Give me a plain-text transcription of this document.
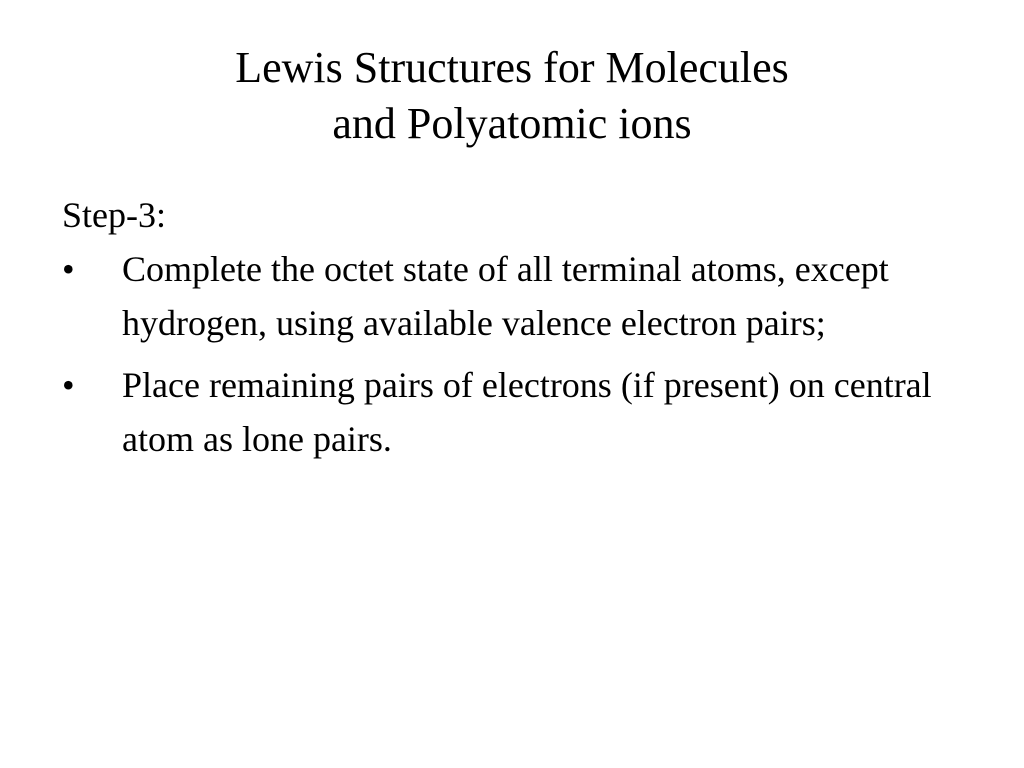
Lewis Structures for Molecules
and Polyatomic ions
Step-3:
•	Complete the octet state of all terminal atoms, except hydrogen, using available valence electron pairs;
•	Place remaining pairs of electrons (if present) on central atom as lone pairs.
